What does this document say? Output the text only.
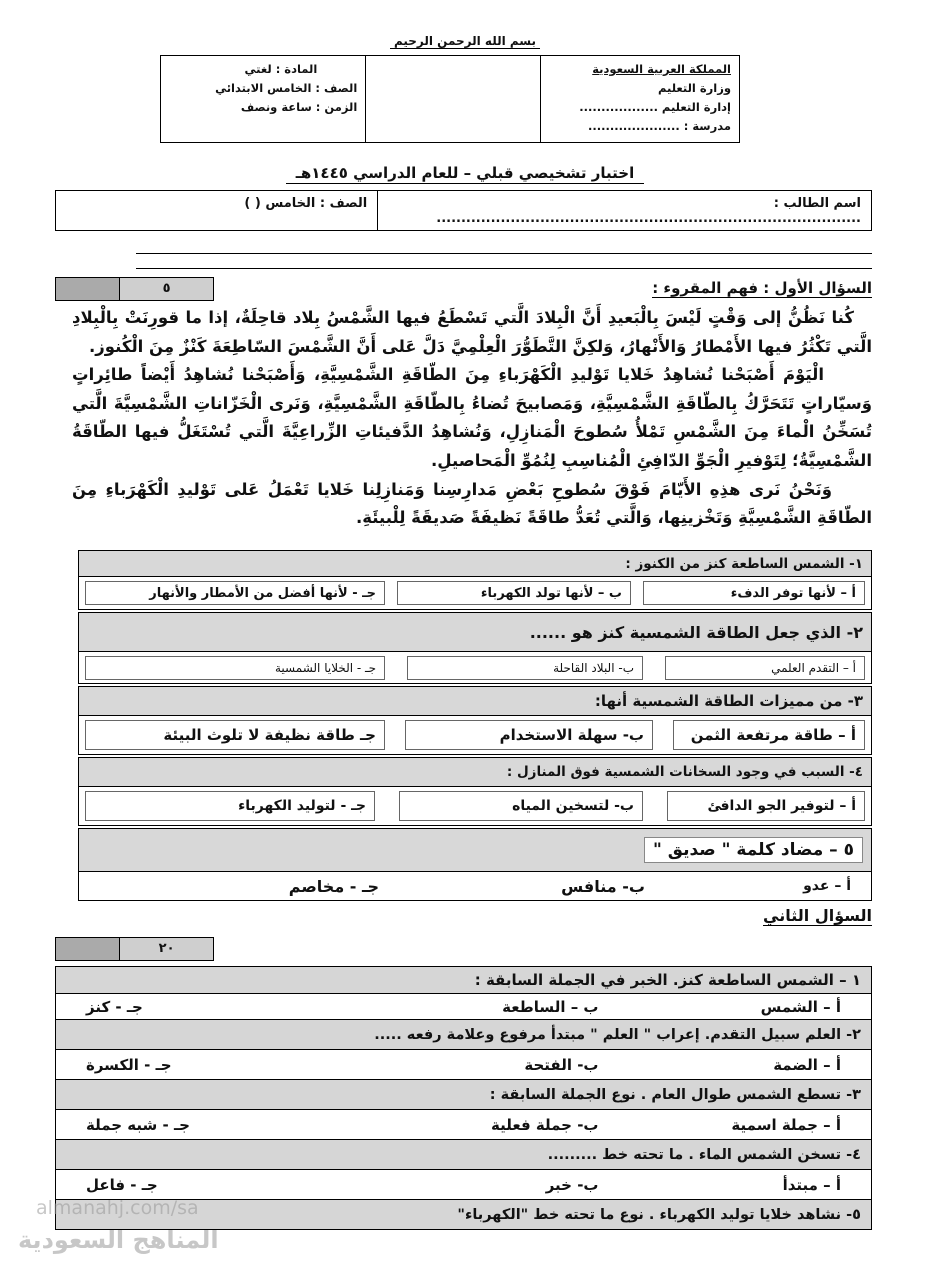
بسم الله الرحمن الرحيم
المملكة العربية السعودية
وزارة التعليم
إدارة التعليم ..................
مدرسة : .....................
المادة : لغتي
الصف : الخامس الابتدائي
الزمن : ساعة ونصف
اختبار تشخيصي قبلي – للعام الدراسي ١٤٤٥هـ
اسم الطالب : ......................................................................................
الصف : الخامس ( )
٥	السؤال الأول : فهم المقروء :

كُنا نَظُنُّ إلى وَقْتٍ لَيْسَ بِالْبَعيدِ أَنَّ الْبِلادَ الَّتي تَسْطَعُ فيها الشَّمْسُ بِلاد قاحِلَةٌ، إذا ما قورِنَتْ بِالْبِلادِ الَّتي تَكْثُرُ فيها الأَمْطارُ وَالأَنْهارُ، وَلكِنَّ التَّطَوُّرَ الْعِلْمِيَّ دَلَّ عَلى أَنَّ الشَّمْسَ السّاطِعَةَ كَنْزٌ مِنَ الْكُنوز.

الْيَوْمَ أَصْبَحْنا نُشاهِدُ خَلايا تَوْليدِ الْكَهْرَباءِ مِنَ الطّاقَةِ الشَّمْسِيَّةِ، وَأَصْبَحْنا نُشاهِدُ أَيْضاً طائِراتٍ وَسيّاراتٍ تَتَحَرَّكُ بِالطّاقَةِ الشَّمْسِيَّةِ، وَمَصابيحَ تُضاءُ بِالطّاقَةِ الشَّمْسِيَّةِ، وَنَرى الْخَزّاناتِ الشَّمْسِيَّةَ الَّتي تُسَخِّنُ الْماءَ مِنَ الشَّمْسِ تَمْلأُ سُطوحَ الْمَنازِلِ، وَنُشاهِدُ الدَّفيئاتِ الزِّراعِيَّةَ الَّتي تُسْتَغَلُّ فيها الطّاقَةُ الشَّمْسِيَّةُ؛ لِتَوْفيرِ الْجَوِّ الدّافِئِ الْمُناسِبِ لِنُمُوِّ الْمَحاصيلِ.

وَنَحْنُ نَرى هذِهِ الأَيّامَ فَوْقَ سُطوحِ بَعْضِ مَدارِسِنا وَمَنازِلِنا خَلايا تَعْمَلُ عَلى تَوْليدِ الْكَهْرَباءِ مِنَ الطّاقَةِ الشَّمْسِيَّةِ وَتَخْزينِها، وَالَّتي تُعَدُّ طاقَةً نَظيفَةً صَديقَةً لِلْبيئَةِ.

١- الشمس الساطعة كنز من الكنوز :
أ – لأنها توفر الدفء
ب – لأنها تولد الكهرباء
جـ - لأنها أفضل من الأمطار والأنهار
٢- الذي جعل الطاقة الشمسية كنز هو ......
أ – التقدم العلمي
ب- البلاد القاحلة
جـ - الخلايا الشمسية
٣- من مميزات الطاقة الشمسية أنها:
أ – طاقة مرتفعة الثمن
ب- سهلة الاستخدام
جـ طاقة نظيفة لا تلوث البيئة
٤- السبب في وجود السخانات الشمسية فوق المنازل :
أ – لتوفير الجو الدافئ
ب- لتسخين المياه
جـ - لتوليد الكهرباء
٥ – مضاد كلمة " صديق "
أ – عدو
ب- منافس
جـ - مخاصم
السؤال الثاني
٢٠
١ – الشمس الساطعة كنز. الخبر في الجملة السابقة :
أ – الشمس
ب – الساطعة
جـ - كنز
٢- العلم سبيل التقدم. إعراب " العلم " مبتدأ مرفوع وعلامة رفعه .....
أ – الضمة
ب- الفتحة
جـ - الكسرة
٣- تسطع الشمس طوال العام . نوع الجملة السابقة :
أ – جملة اسمية
ب- جملة فعلية
جـ - شبه جملة
٤- تسخن الشمس الماء . ما تحته خط .........
أ – مبتدأ
ب- خبر
جـ - فاعل
٥- نشاهد خلايا توليد الكهرباء . نوع ما تحته خط "الكهرباء"
almanahj.com/sa
المناهج السعودية
